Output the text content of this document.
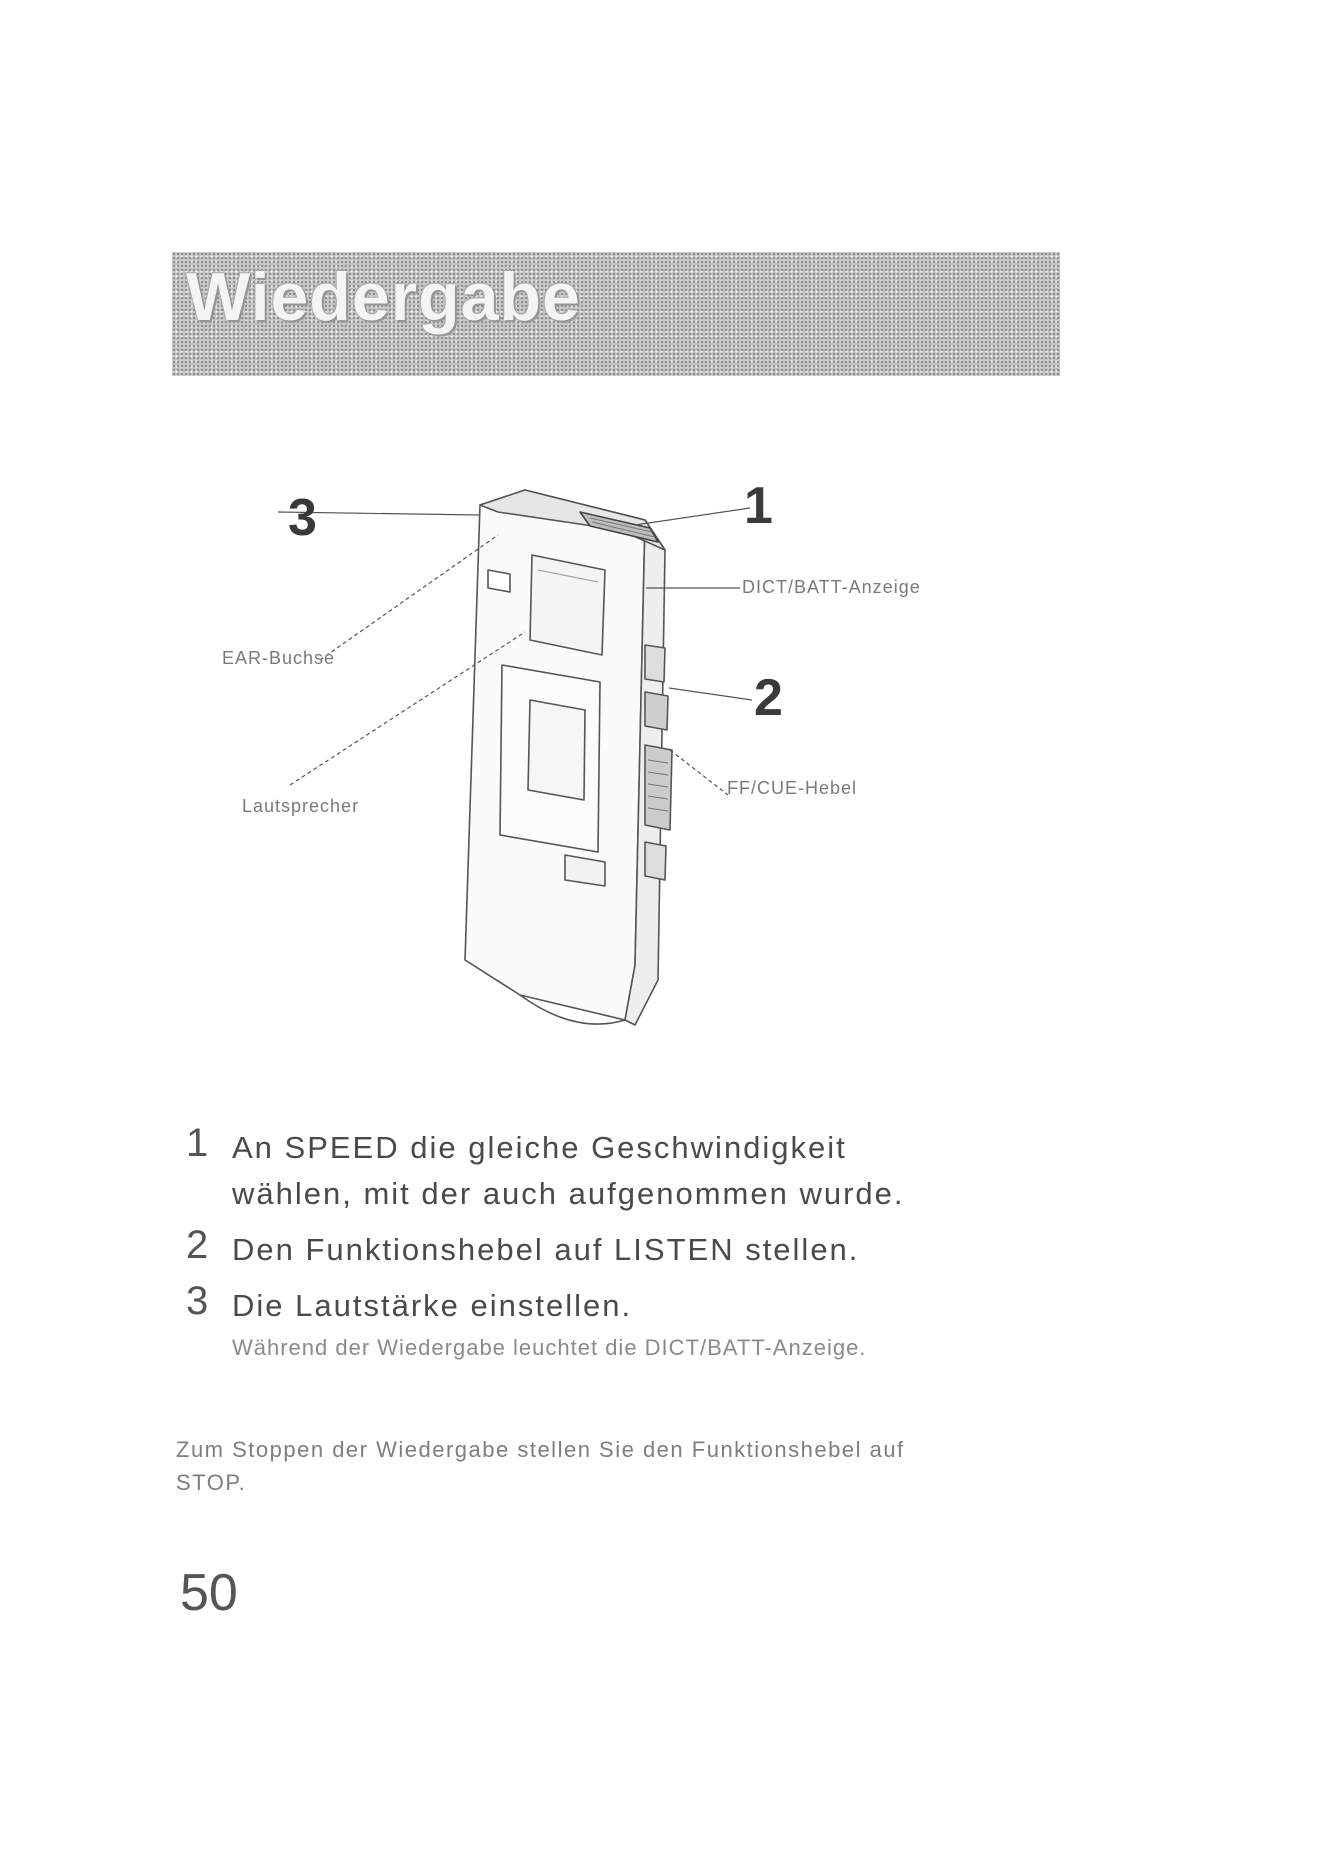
Wiedergabe
3	1
2
DICT/BATT-Anzeige
EAR-Buchse
Lautsprecher
FF/CUE-Hebel
1 An SPEED die gleiche Geschwindigkeit wählen, mit der auch aufgenommen wurde.
2 Den Funktionshebel auf LISTEN stellen.
3 Die Lautstärke einstellen.
Während der Wiedergabe leuchtet die DICT/BATT-Anzeige.
Zum Stoppen der Wiedergabe stellen Sie den Funktionshebel auf STOP.
50
